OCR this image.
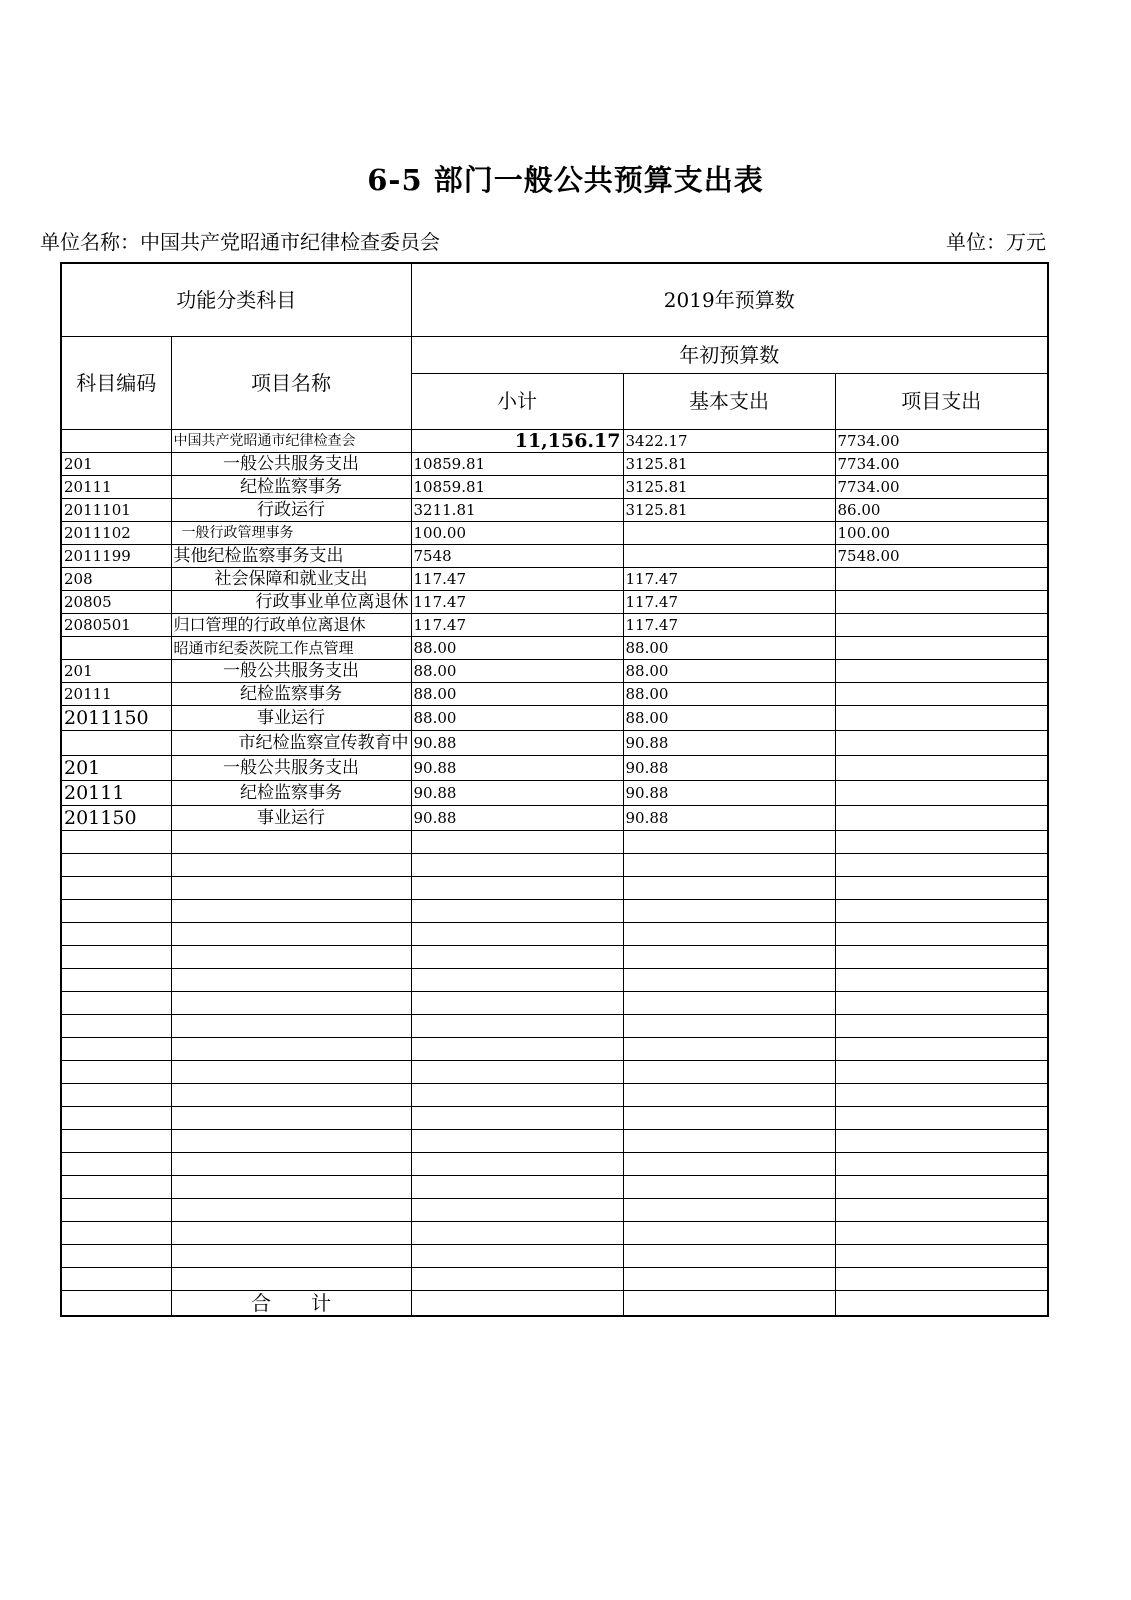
6-5 部门一般公共预算支出表
单位名称：中国共产党昭通市纪律检查委员会	单位：万元
功能分类科目		2019年预算数		
科目编码	项目名称	年初预算数		
		小计	基本支出	项目支出
	中国共产党昭通市纪律检查会	11,156.17	3422.17	7734.00
201	一般公共服务支出	10859.81	3125.81	7734.00
20111	纪检监察事务	10859.81	3125.81	7734.00
2011101	行政运行	3211.81	3125.81	86.00
2011102	一般行政管理事务	100.00		100.00
2011199	其他纪检监察事务支出	7548		7548.00
208	社会保障和就业支出	117.47	117.47	
20805	行政事业单位离退休	117.47	117.47	
2080501	归口管理的行政单位离退休	117.47	117.47	
	昭通市纪委茨院工作点管理	88.00	88.00	
201	一般公共服务支出	88.00	88.00	
20111	纪检监察事务	88.00	88.00	
2011150	事业运行	88.00	88.00	
	市纪检监察宣传教育中	90.88	90.88	
201	一般公共服务支出	90.88	90.88	
20111	纪检监察事务	90.88	90.88	
201150	事业运行	90.88	90.88	

	合　　计			
